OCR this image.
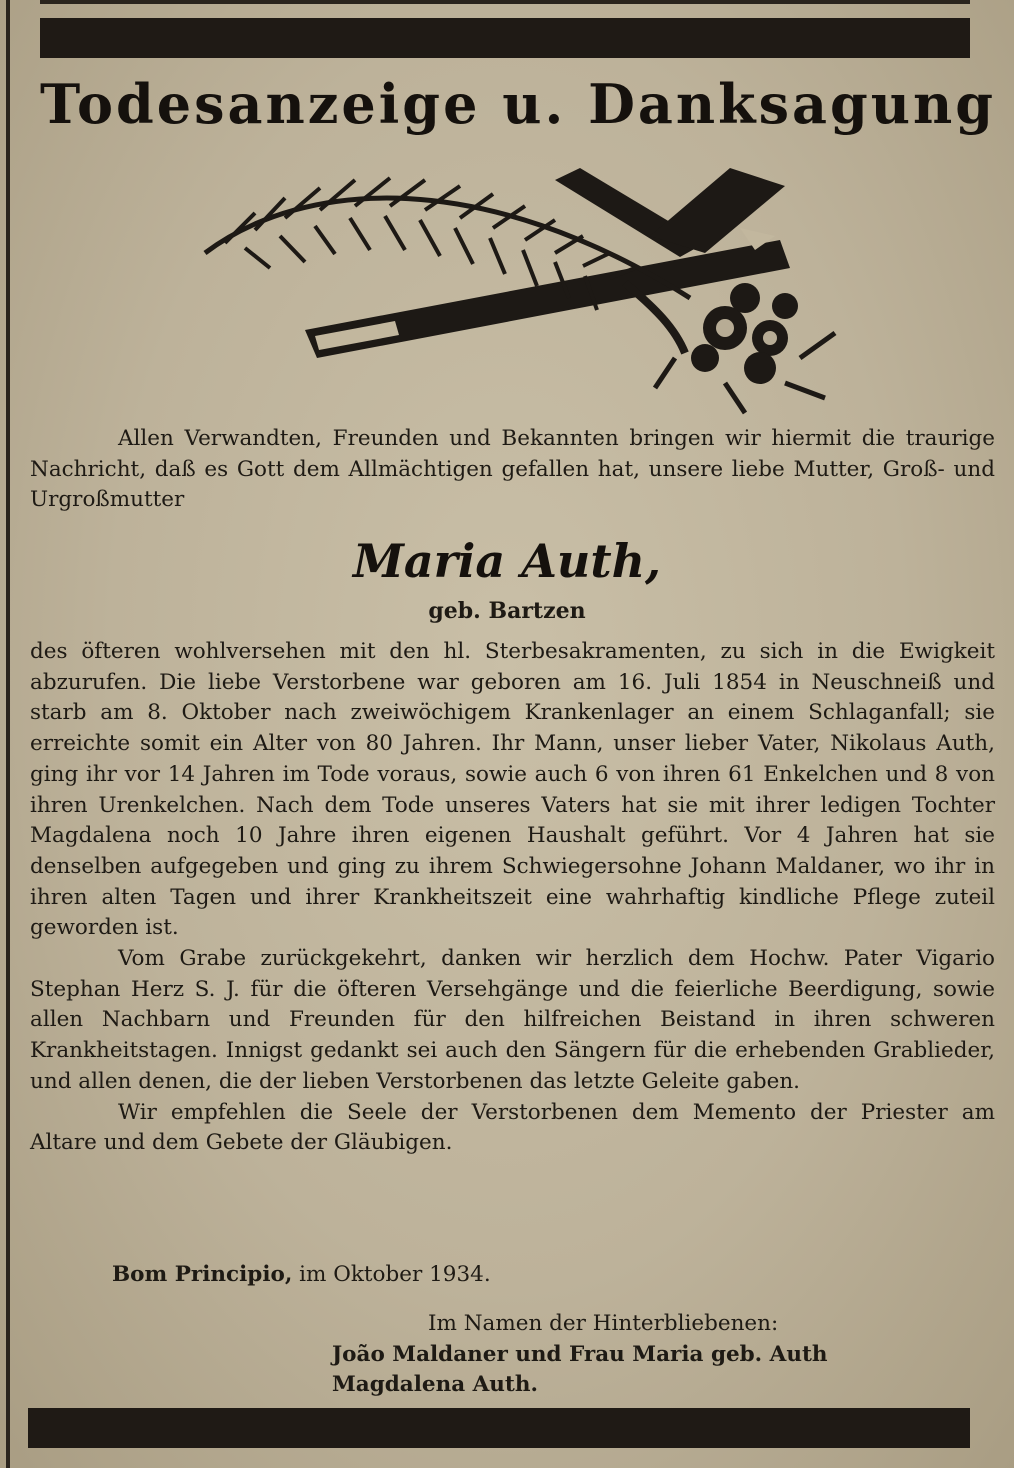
Todesanzeige u. Danksagung

Allen Verwandten, Freunden und Bekannten bringen wir hiermit die traurige Nachricht, daß es Gott dem Allmächtigen gefallen hat, unsere liebe Mutter, Groß- und Urgroßmutter

Maria Auth,
geb. Bartzen

des öfteren wohlversehen mit den hl. Sterbesakramenten, zu sich in die Ewigkeit abzurufen. Die liebe Verstorbene war geboren am 16. Juli 1854 in Neuschneiß und starb am 8. Oktober nach zweiwöchigem Krankenlager an einem Schlaganfall; sie erreichte somit ein Alter von 80 Jahren. Ihr Mann, unser lieber Vater, Nikolaus Auth, ging ihr vor 14 Jahren im Tode voraus, sowie auch 6 von ihren 61 Enkelchen und 8 von ihren Urenkelchen. Nach dem Tode unseres Vaters hat sie mit ihrer ledigen Tochter Magdalena noch 10 Jahre ihren eigenen Haushalt geführt. Vor 4 Jahren hat sie denselben aufgegeben und ging zu ihrem Schwiegersohne Johann Maldaner, wo ihr in ihren alten Tagen und ihrer Krankheitszeit eine wahrhaftig kindliche Pflege zuteil geworden ist.

Vom Grabe zurückgekehrt, danken wir herzlich dem Hochw. Pater Vigario Stephan Herz S. J. für die öfteren Versehgänge und die feierliche Beerdigung, sowie allen Nachbarn und Freunden für den hilfreichen Beistand in ihren schweren Krankheitstagen. Innigst gedankt sei auch den Sängern für die erhebenden Grablieder, und allen denen, die der lieben Verstorbenen das letzte Geleite gaben.

Wir empfehlen die Seele der Verstorbenen dem Memento der Priester am Altare und dem Gebete der Gläubigen.

Bom Principio, im Oktober 1934.
Im Namen der Hinterbliebenen:
João Maldaner und Frau Maria geb. Auth
Magdalena Auth.
